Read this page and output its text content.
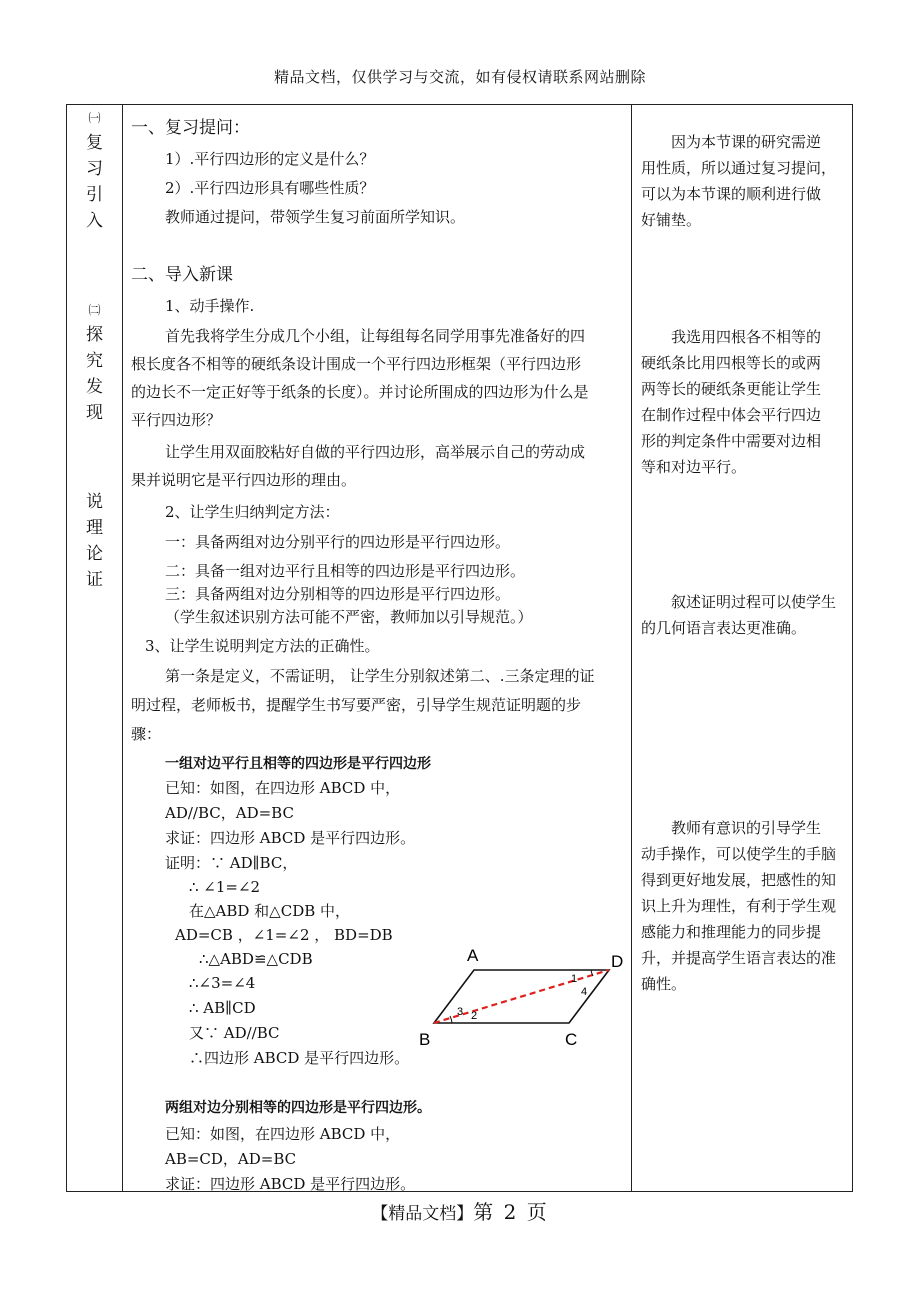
精品文档，仅供学习与交流，如有侵权请联系网站删除
㈠
复
习
引
入
㈡
探
究
发
现
说
理
论
证
一、复习提问：
1）.平行四边形的定义是什么？
2）.平行四边形具有哪些性质？
教师通过提问，带领学生复习前面所学知识。
二、导入新课
1、动手操作.
首先我将学生分成几个小组，让每组每名同学用事先准备好的四
根长度各不相等的硬纸条设计围成一个平行四边形框架（平行四边形
的边长不一定正好等于纸条的长度）。并讨论所围成的四边形为什么是
平行四边形？
让学生用双面胶粘好自做的平行四边形，高举展示自己的劳动成
果并说明它是平行四边形的理由。
2、让学生归纳判定方法：
一：具备两组对边分别平行的四边形是平行四边形。
二：具备一组对边平行且相等的四边形是平行四边形。
三：具备两组对边分别相等的四边形是平行四边形。
（学生叙述识别方法可能不严密，教师加以引导规范。）
3、让学生说明判定方法的正确性。
第一条是定义，不需证明， 让学生分别叙述第二、.三条定理的证
明过程，老师板书，提醒学生书写要严密，引导学生规范证明题的步
骤：
一组对边平行且相等的四边形是平行四边形
已知：如图，在四边形 ABCD 中，
AD//BC，AD=BC
求证：四边形 ABCD 是平行四边形。
证明：∵ AD∥BC，
∴ ∠1=∠2
在△ABD 和△CDB 中，
AD=CB ，∠1=∠2 ， BD=DB
∴△ABD≌△CDB
∴∠3=∠4
∴ AB∥CD
又∵ AD//BC
∴四边形 ABCD 是平行四边形。
两组对边分别相等的四边形是平行四边形。
已知：如图，在四边形 ABCD 中，
AB=CD，AD=BC
求证：四边形 ABCD 是平行四边形。
A	D
B	C
1
2
3
4
因为本节课的研究需逆
用性质，所以通过复习提问，
可以为本节课的顺利进行做
好铺垫。
我选用四根各不相等的
硬纸条比用四根等长的或两
两等长的硬纸条更能让学生
在制作过程中体会平行四边
形的判定条件中需要对边相
等和对边平行。
叙述证明过程可以使学生
的几何语言表达更准确。
教师有意识的引导学生
动手操作，可以使学生的手脑
得到更好地发展，把感性的知
识上升为理性，有利于学生观
感能力和推理能力的同步提
升，并提高学生语言表达的准
确性。
【精品文档】第 2 页
